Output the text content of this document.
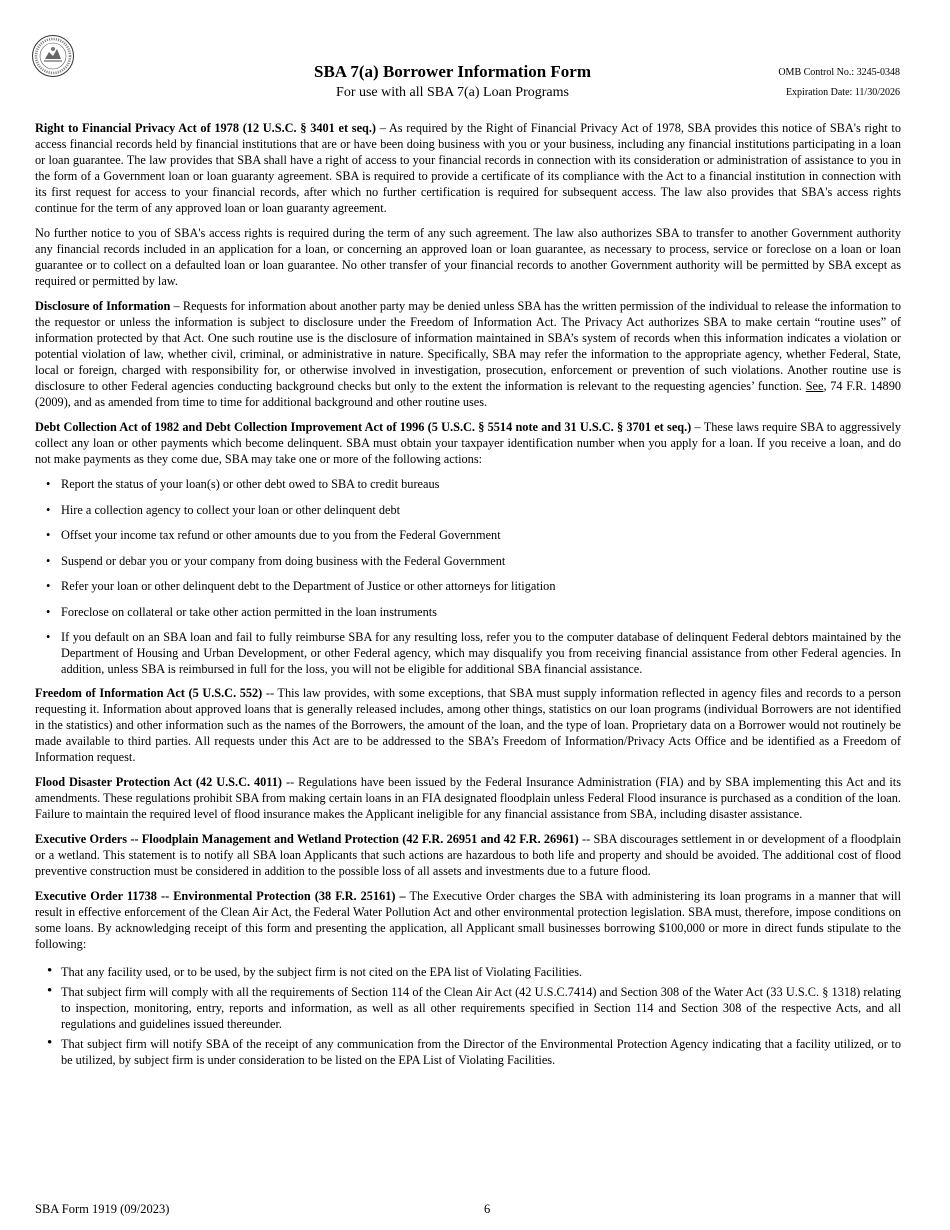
SBA 7(a) Borrower Information Form
For use with all SBA 7(a) Loan Programs
OMB Control No.: 3245-0348
Expiration Date: 11/30/2026

Right to Financial Privacy Act of 1978 (12 U.S.C. § 3401 et seq.) – As required by the Right of Financial Privacy Act of 1978, SBA provides this notice of SBA's right to access financial records held by financial institutions that are or have been doing business with you or your business, including any financial institutions participating in a loan or loan guarantee. The law provides that SBA shall have a right of access to your financial records in connection with its consideration or administration of assistance to you in the form of a Government loan or loan guaranty agreement. SBA is required to provide a certificate of its compliance with the Act to a financial institution in connection with its first request for access to your financial records, after which no further certification is required for subsequent access. The law also provides that SBA's access rights continue for the term of any approved loan or loan guaranty agreement.

No further notice to you of SBA's access rights is required during the term of any such agreement. The law also authorizes SBA to transfer to another Government authority any financial records included in an application for a loan, or concerning an approved loan or loan guarantee, as necessary to process, service or foreclose on a loan or loan guarantee or to collect on a defaulted loan or loan guarantee. No other transfer of your financial records to another Government authority will be permitted by SBA except as required or permitted by law.

Disclosure of Information – Requests for information about another party may be denied unless SBA has the written permission of the individual to release the information to the requestor or unless the information is subject to disclosure under the Freedom of Information Act. The Privacy Act authorizes SBA to make certain “routine uses” of information protected by that Act. One such routine use is the disclosure of information maintained in SBA’s system of records when this information indicates a violation or potential violation of law, whether civil, criminal, or administrative in nature. Specifically, SBA may refer the information to the appropriate agency, whether Federal, State, local or foreign, charged with responsibility for, or otherwise involved in investigation, prosecution, enforcement or prevention of such violations. Another routine use is disclosure to other Federal agencies conducting background checks but only to the extent the information is relevant to the requesting agencies’ function. See, 74 F.R. 14890 (2009), and as amended from time to time for additional background and other routine uses.

Debt Collection Act of 1982 and Debt Collection Improvement Act of 1996 (5 U.S.C. § 5514 note and 31 U.S.C. § 3701 et seq.) – These laws require SBA to aggressively collect any loan or other payments which become delinquent. SBA must obtain your taxpayer identification number when you apply for a loan. If you receive a loan, and do not make payments as they come due, SBA may take one or more of the following actions:

• Report the status of your loan(s) or other debt owed to SBA to credit bureaus
• Hire a collection agency to collect your loan or other delinquent debt
• Offset your income tax refund or other amounts due to you from the Federal Government
• Suspend or debar you or your company from doing business with the Federal Government
• Refer your loan or other delinquent debt to the Department of Justice or other attorneys for litigation
• Foreclose on collateral or take other action permitted in the loan instruments
• If you default on an SBA loan and fail to fully reimburse SBA for any resulting loss, refer you to the computer database of delinquent Federal debtors maintained by the Department of Housing and Urban Development, or other Federal agency, which may disqualify you from receiving financial assistance from other Federal agencies. In addition, unless SBA is reimbursed in full for the loss, you will not be eligible for additional SBA financial assistance.

Freedom of Information Act (5 U.S.C. 552) -- This law provides, with some exceptions, that SBA must supply information reflected in agency files and records to a person requesting it. Information about approved loans that is generally released includes, among other things, statistics on our loan programs (individual Borrowers are not identified in the statistics) and other information such as the names of the Borrowers, the amount of the loan, and the type of loan. Proprietary data on a Borrower would not routinely be made available to third parties. All requests under this Act are to be addressed to the SBA’s Freedom of Information/Privacy Acts Office and be identified as a Freedom of Information request.

Flood Disaster Protection Act (42 U.S.C. 4011) -- Regulations have been issued by the Federal Insurance Administration (FIA) and by SBA implementing this Act and its amendments. These regulations prohibit SBA from making certain loans in an FIA designated floodplain unless Federal Flood insurance is purchased as a condition of the loan. Failure to maintain the required level of flood insurance makes the Applicant ineligible for any financial assistance from SBA, including disaster assistance.

Executive Orders -- Floodplain Management and Wetland Protection (42 F.R. 26951 and 42 F.R. 26961) -- SBA discourages settlement in or development of a floodplain or a wetland. This statement is to notify all SBA loan Applicants that such actions are hazardous to both life and property and should be avoided. The additional cost of flood preventive construction must be considered in addition to the possible loss of all assets and investments due to a future flood.

Executive Order 11738 -- Environmental Protection (38 F.R. 25161) – The Executive Order charges the SBA with administering its loan programs in a manner that will result in effective enforcement of the Clean Air Act, the Federal Water Pollution Act and other environmental protection legislation. SBA must, therefore, impose conditions on some loans. By acknowledging receipt of this form and presenting the application, all Applicant small businesses borrowing $100,000 or more in direct funds stipulate to the following:

• That any facility used, or to be used, by the subject firm is not cited on the EPA list of Violating Facilities.
• That subject firm will comply with all the requirements of Section 114 of the Clean Air Act (42 U.S.C.7414) and Section 308 of the Water Act (33 U.S.C. § 1318) relating to inspection, monitoring, entry, reports and information, as well as all other requirements specified in Section 114 and Section 308 of the respective Acts, and all regulations and guidelines issued thereunder.
• That subject firm will notify SBA of the receipt of any communication from the Director of the Environmental Protection Agency indicating that a facility utilized, or to be utilized, by subject firm is under consideration to be listed on the EPA List of Violating Facilities.
SBA Form 1919 (09/2023)	6
